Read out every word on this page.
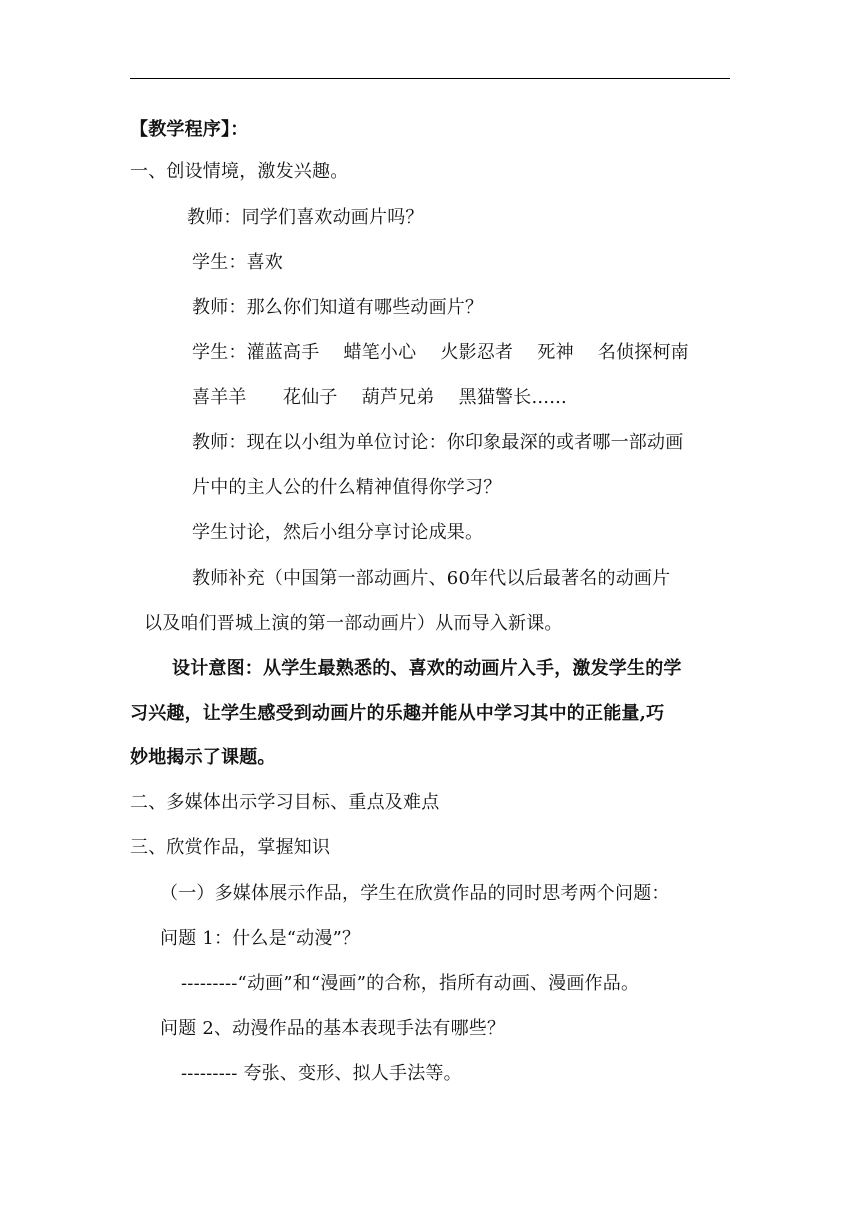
【教学程序】：
一、创设情境，激发兴趣。
教师：同学们喜欢动画片吗？
学生：喜欢
教师：那么你们知道有哪些动画片？
学生：灌蓝高手　 蜡笔小心　 火影忍者　 死神　 名侦探柯南
喜羊羊　　花仙子　 葫芦兄弟　 黑猫警长......
教师：现在以小组为单位讨论：你印象最深的或者哪一部动画
片中的主人公的什么精神值得你学习？
学生讨论，然后小组分享讨论成果。
教师补充（中国第一部动画片、60年代以后最著名的动画片
以及咱们晋城上演的第一部动画片）从而导入新课。
设计意图：从学生最熟悉的、喜欢的动画片入手，激发学生的学
习兴趣，让学生感受到动画片的乐趣并能从中学习其中的正能量,巧
妙地揭示了课题。
二、多媒体出示学习目标、重点及难点
三、欣赏作品，掌握知识
（一）多媒体展示作品，学生在欣赏作品的同时思考两个问题：
问题 1：什么是“动漫”？
---------“动画”和“漫画”的合称，指所有动画、漫画作品。
问题 2、动漫作品的基本表现手法有哪些？
--------- 夸张、变形、拟人手法等。
